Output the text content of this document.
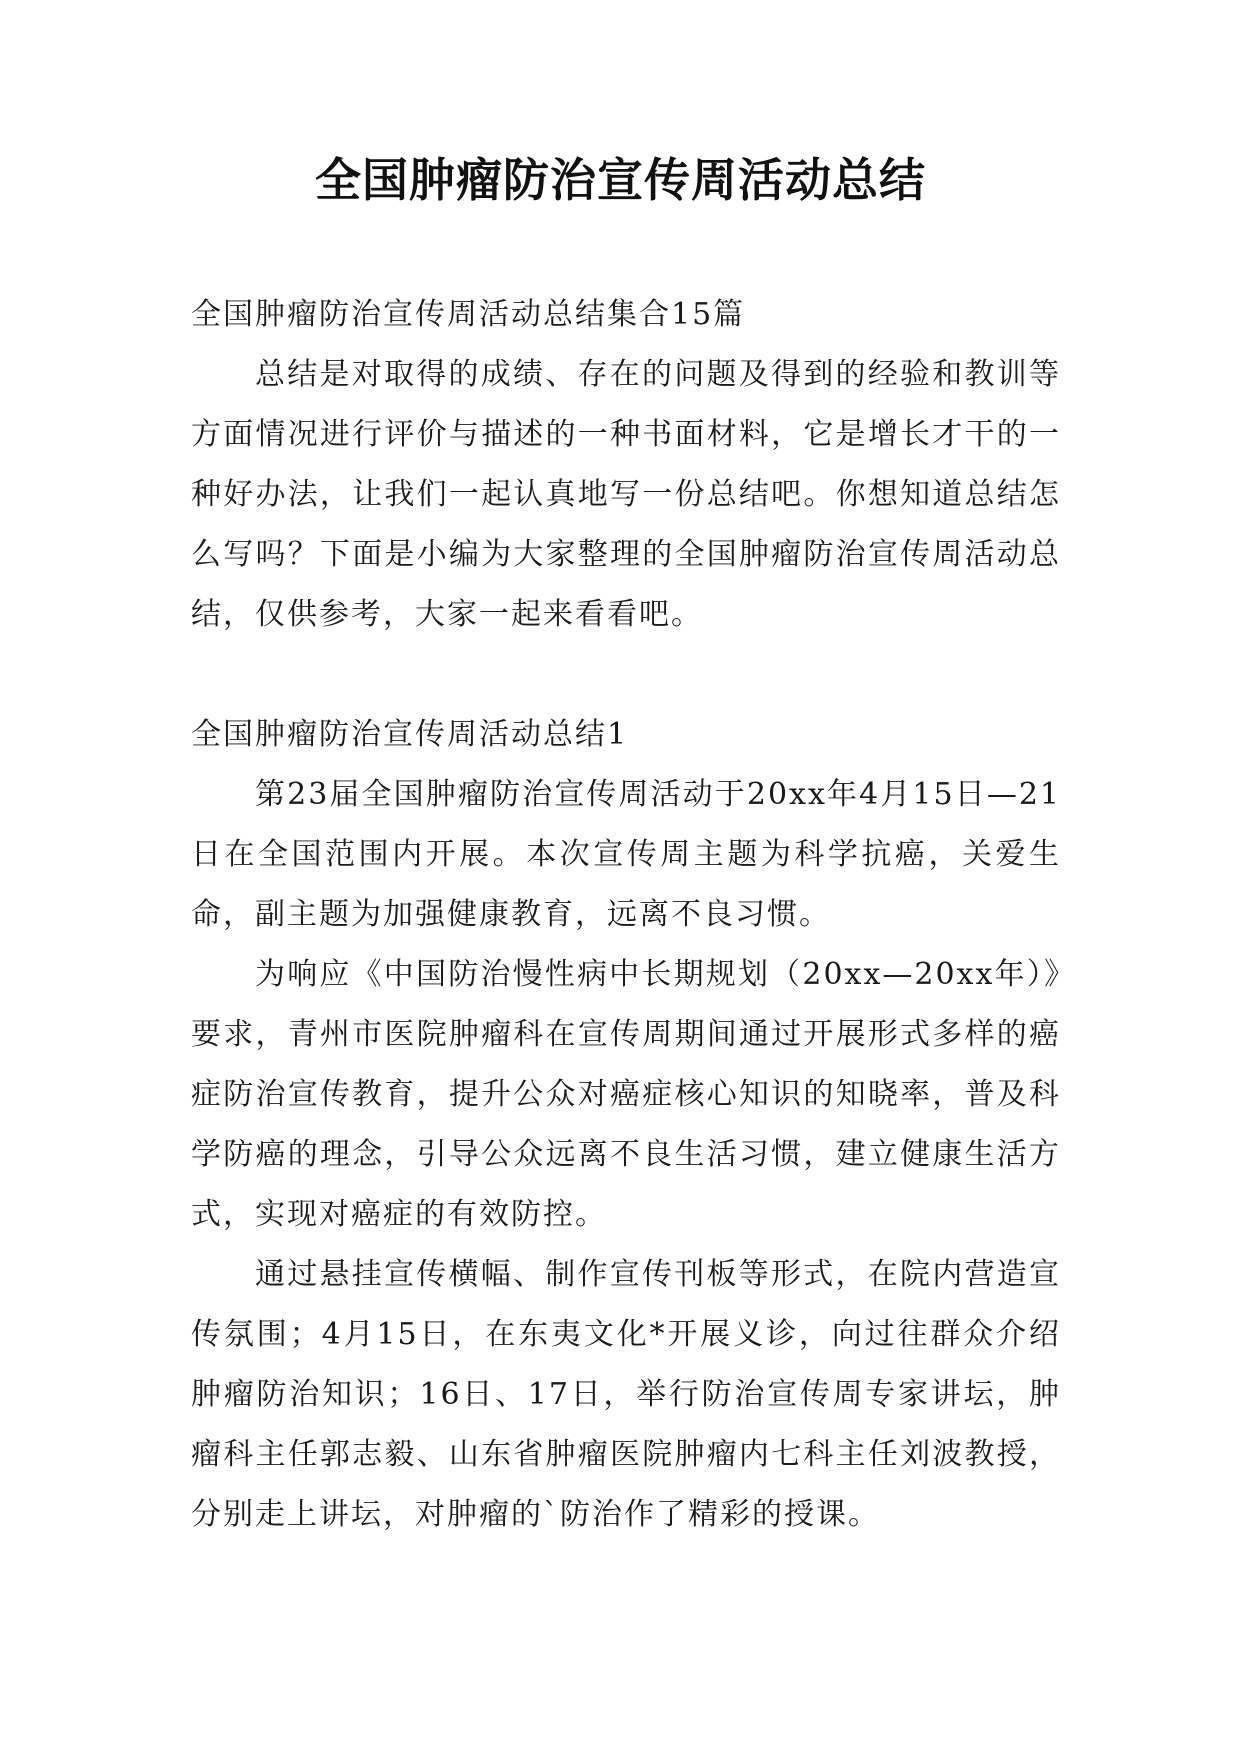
全国肿瘤防治宣传周活动总结

全国肿瘤防治宣传周活动总结集合15篇

总结是对取得的成绩、存在的问题及得到的经验和教训等方面情况进行评价与描述的一种书面材料，它是增长才干的一种好办法，让我们一起认真地写一份总结吧。你想知道总结怎么写吗？下面是小编为大家整理的全国肿瘤防治宣传周活动总结，仅供参考，大家一起来看看吧。

全国肿瘤防治宣传周活动总结1

第23届全国肿瘤防治宣传周活动于20xx年4月15日—21日在全国范围内开展。本次宣传周主题为科学抗癌，关爱生命，副主题为加强健康教育，远离不良习惯。

为响应《中国防治慢性病中长期规划（20xx—20xx年）》要求，青州市医院肿瘤科在宣传周期间通过开展形式多样的癌症防治宣传教育，提升公众对癌症核心知识的知晓率，普及科学防癌的理念，引导公众远离不良生活习惯，建立健康生活方式，实现对癌症的有效防控。

通过悬挂宣传横幅、制作宣传刊板等形式，在院内营造宣传氛围；4月15日，在东夷文化*开展义诊，向过往群众介绍肿瘤防治知识；16日、17日，举行防治宣传周专家讲坛，肿瘤科主任郭志毅、山东省肿瘤医院肿瘤内七科主任刘波教授，分别走上讲坛，对肿瘤的`防治作了精彩的授课。
